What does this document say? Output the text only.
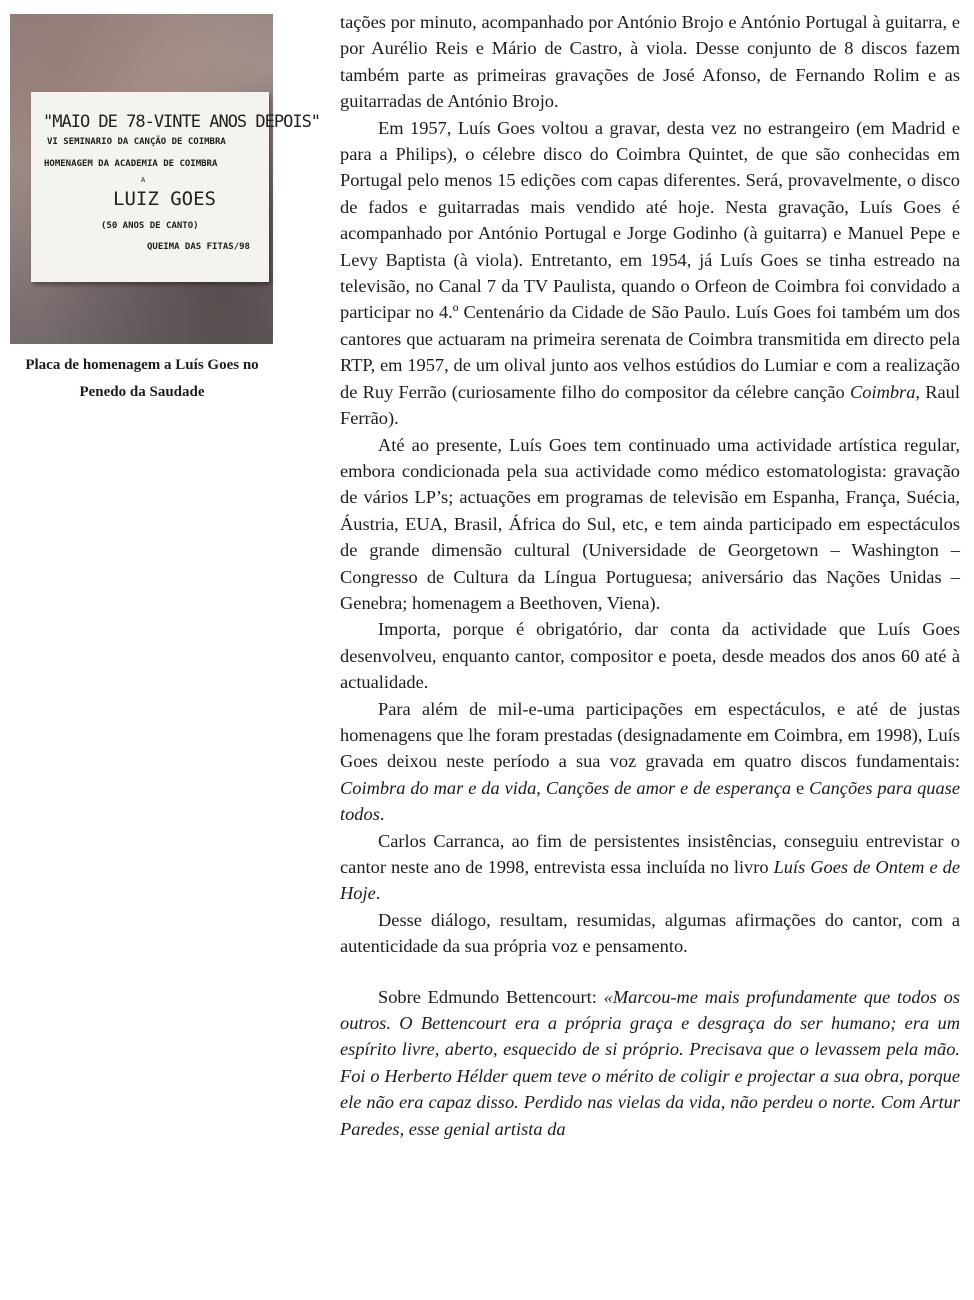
"MAIO DE 78-VINTE ANOS DEPOIS"
VI SEMINARIO DA CANÇÃO DE COIMBRA
HOMENAGEM DA ACADEMIA DE COIMBRA
A
LUIZ GOES
(50 ANOS DE CANTO)
QUEIMA DAS FITAS/98
Placa de homenagem a Luís Goes no Penedo da Saudade

tações por minuto, acompanhado por António Brojo e António Portugal à guitarra, e por Aurélio Reis e Mário de Castro, à viola. Desse conjunto de 8 discos fazem também parte as primeiras gravações de José Afonso, de Fernando Rolim e as guitarradas de António Brojo.

Em 1957, Luís Goes voltou a gravar, desta vez no estrangeiro (em Madrid e para a Philips), o célebre disco do Coimbra Quintet, de que são conhecidas em Portugal pelo menos 15 edições com capas diferentes. Será, provavelmente, o disco de fados e guitarradas mais vendido até hoje. Nesta gravação, Luís Goes é acompanhado por António Portugal e Jorge Godinho (à guitarra) e Manuel Pepe e Levy Baptista (à viola). Entretanto, em 1954, já Luís Goes se tinha estreado na televisão, no Canal 7 da TV Paulista, quando o Orfeon de Coimbra foi convidado a participar no 4.º Centenário da Cidade de São Paulo. Luís Goes foi também um dos cantores que actuaram na primeira serenata de Coimbra transmitida em directo pela RTP, em 1957, de um olival junto aos velhos estúdios do Lumiar e com a realização de Ruy Ferrão (curiosamente filho do compositor da célebre canção Coimbra, Raul Ferrão).

Até ao presente, Luís Goes tem continuado uma actividade artística regular, embora condicionada pela sua actividade como médico estomatologista: gravação de vários LP’s; actuações em programas de televisão em Espanha, França, Suécia, Áustria, EUA, Brasil, África do Sul, etc, e tem ainda participado em espectáculos de grande dimensão cultural (Universidade de Georgetown – Washington – Congresso de Cultura da Língua Portuguesa; aniversário das Nações Unidas – Genebra; homenagem a Beethoven, Viena).

Importa, porque é obrigatório, dar conta da actividade que Luís Goes desenvolveu, enquanto cantor, compositor e poeta, desde meados dos anos 60 até à actualidade.

Para além de mil-e-uma participações em espectáculos, e até de justas homenagens que lhe foram prestadas (designadamente em Coimbra, em 1998), Luís Goes deixou neste período a sua voz gravada em quatro discos fundamentais: Coimbra do mar e da vida, Canções de amor e de esperança e Canções para quase todos.

Carlos Carranca, ao fim de persistentes insistências, conseguiu entrevistar o cantor neste ano de 1998, entrevista essa incluída no livro Luís Goes de Ontem e de Hoje.

Desse diálogo, resultam, resumidas, algumas afirmações do cantor, com a autenticidade da sua própria voz e pensamento.

Sobre Edmundo Bettencourt: «Marcou-me mais profundamente que todos os outros. O Bettencourt era a própria graça e desgraça do ser humano; era um espírito livre, aberto, esquecido de si próprio. Precisava que o levassem pela mão. Foi o Herberto Hélder quem teve o mérito de coligir e projectar a sua obra, porque ele não era capaz disso. Perdido nas vielas da vida, não perdeu o norte. Com Artur Paredes, esse genial artista da
